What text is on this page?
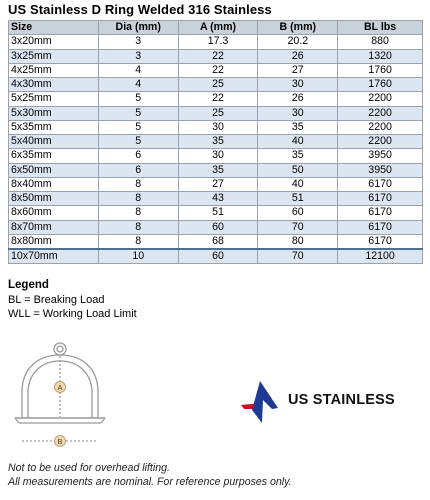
US Stainless D Ring Welded 316 Stainless
Size	Dia (mm)	A (mm)	B (mm)	BL lbs
3x20mm	3	17.3	20.2	880
3x25mm	3	22	26	1320
4x25mm	4	22	27	1760
4x30mm	4	25	30	1760
5x25mm	5	22	26	2200
5x30mm	5	25	30	2200
5x35mm	5	30	35	2200
5x40mm	5	35	40	2200
6x35mm	6	30	35	3950
6x50mm	6	35	50	3950
8x40mm	8	27	40	6170
8x50mm	8	43	51	6170
8x60mm	8	51	60	6170
8x70mm	8	60	70	6170
8x80mm	8	68	80	6170
10x70mm	10	60	70	12100
Legend
BL = Breaking Load
WLL = Working Load Limit
A
B
US STAINLESS
Not to be used for overhead lifting.
All measurements are nominal. For reference purposes only.
